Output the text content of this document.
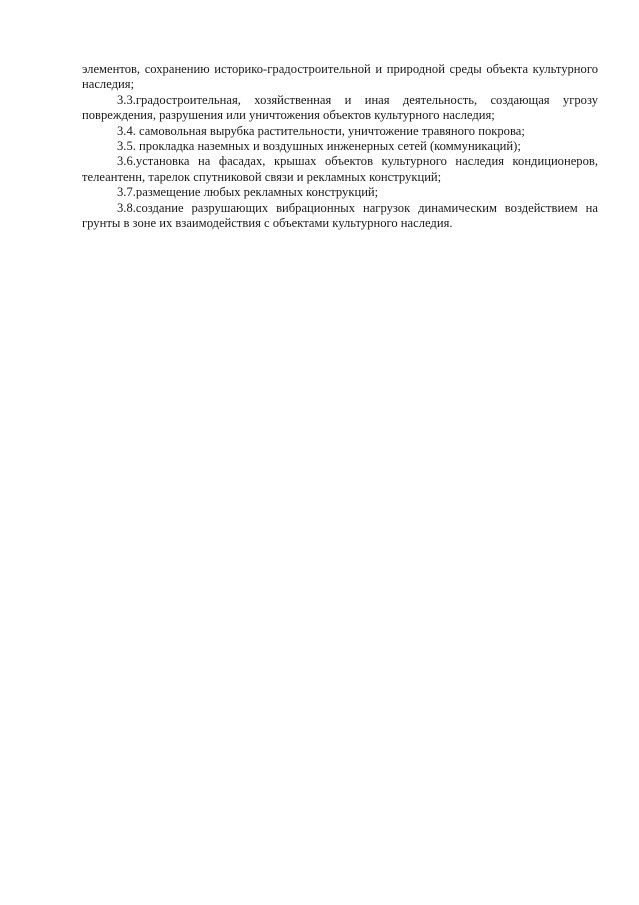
элементов, сохранению историко-градостроительной и природной среды объекта культурного наследия;

3.3.градостроительная, хозяйственная и иная деятельность, создающая угрозу повреждения, разрушения или уничтожения объектов культурного наследия;

3.4. самовольная вырубка растительности, уничтожение травяного покрова;

3.5. прокладка наземных и воздушных инженерных сетей (коммуникаций);

3.6.установка на фасадах, крышах объектов культурного наследия кондиционеров, телеантенн, тарелок спутниковой связи и рекламных конструкций;

3.7.размещение любых рекламных конструкций;

3.8.создание разрушающих вибрационных нагрузок динамическим воздействием на грунты в зоне их взаимодействия с объектами культурного наследия.
